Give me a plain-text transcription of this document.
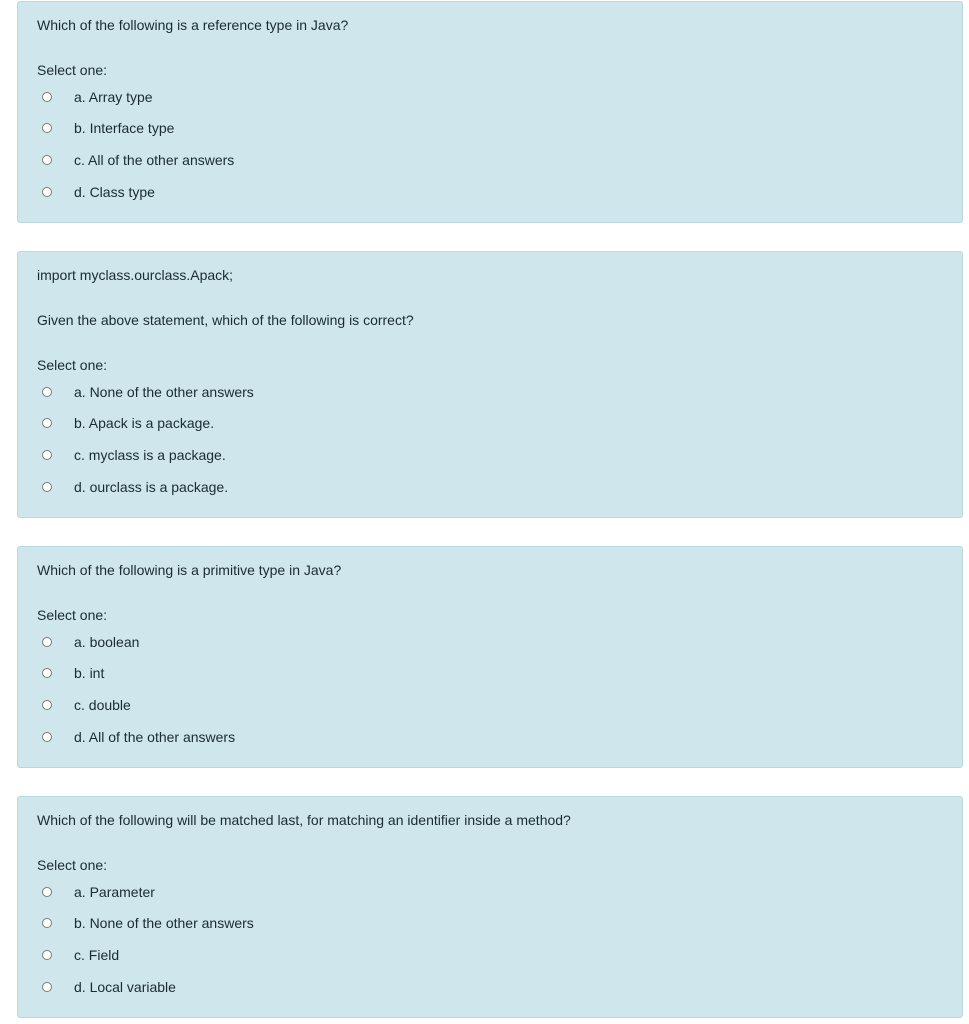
Which of the following is a reference type in Java?
Select one:
a. Array type
b. Interface type
c. All of the other answers
d. Class type
import myclass.ourclass.Apack;
Given the above statement, which of the following is correct?
Select one:
a. None of the other answers
b. Apack is a package.
c. myclass is a package.
d. ourclass is a package.
Which of the following is a primitive type in Java?
Select one:
a. boolean
b. int
c. double
d. All of the other answers
Which of the following will be matched last, for matching an identifier inside a method?
Select one:
a. Parameter
b. None of the other answers
c. Field
d. Local variable
